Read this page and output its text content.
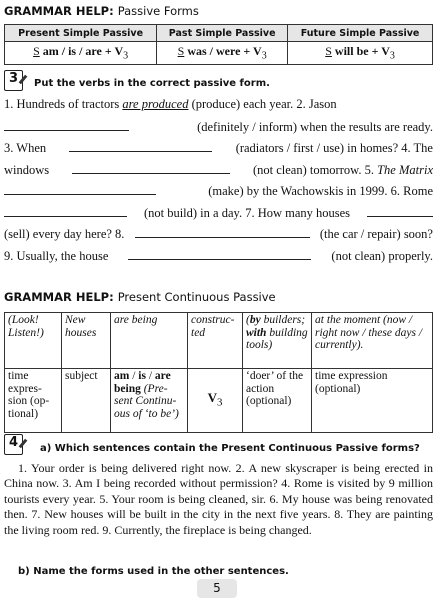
GRAMMAR HELP: Passive Forms
Present Simple Passive	Past Simple Passive	Future Simple Passive
S am / is / are + $V_3$	S was / were + $V_3$	S will be + $V_3$
3	Put the verbs in the correct passive form.
1. Hundreds of tractors are produced (produce) each year. 2. Jason
(definitely / inform) when the results are ready.
3. When	(radiators / first / use) in homes? 4. The
windows	(not clean) tomorrow. 5. The Matrix
(make) by the Wachowskis in 1999. 6. Rome
(not build) in a day. 7. How many houses
(sell) every day here? 8.	(the car / repair) soon?
9. Usually, the house	(not clean) properly.
GRAMMAR HELP: Present Continuous Passive
(Look! Listen!)	New houses	are being	construc-ted	(by builders; with building tools)	at the moment (now / right now / these days / currently).
time expres-sion (op-tional)	subject	am / is / are being (Pre-sent Continu-ous of ‘to be’)	$V_3$	‘doer’ of the action (optional)	time expression (optional)
4	a) Which sentences contain the Present Continuous Passive forms?

1. Your order is being delivered right now. 2. A new skyscraper is being erected in China now. 3. Am I being recorded without permission? 4. Rome is visited by 9 million tourists every year. 5. Your room is being cleaned, sir. 6. My house was being renovated then. 7. New houses will be built in the city in the next five years. 8. They are painting the living room red. 9. Currently, the fireplace is being changed.

b) Name the forms used in the other sentences.
5
